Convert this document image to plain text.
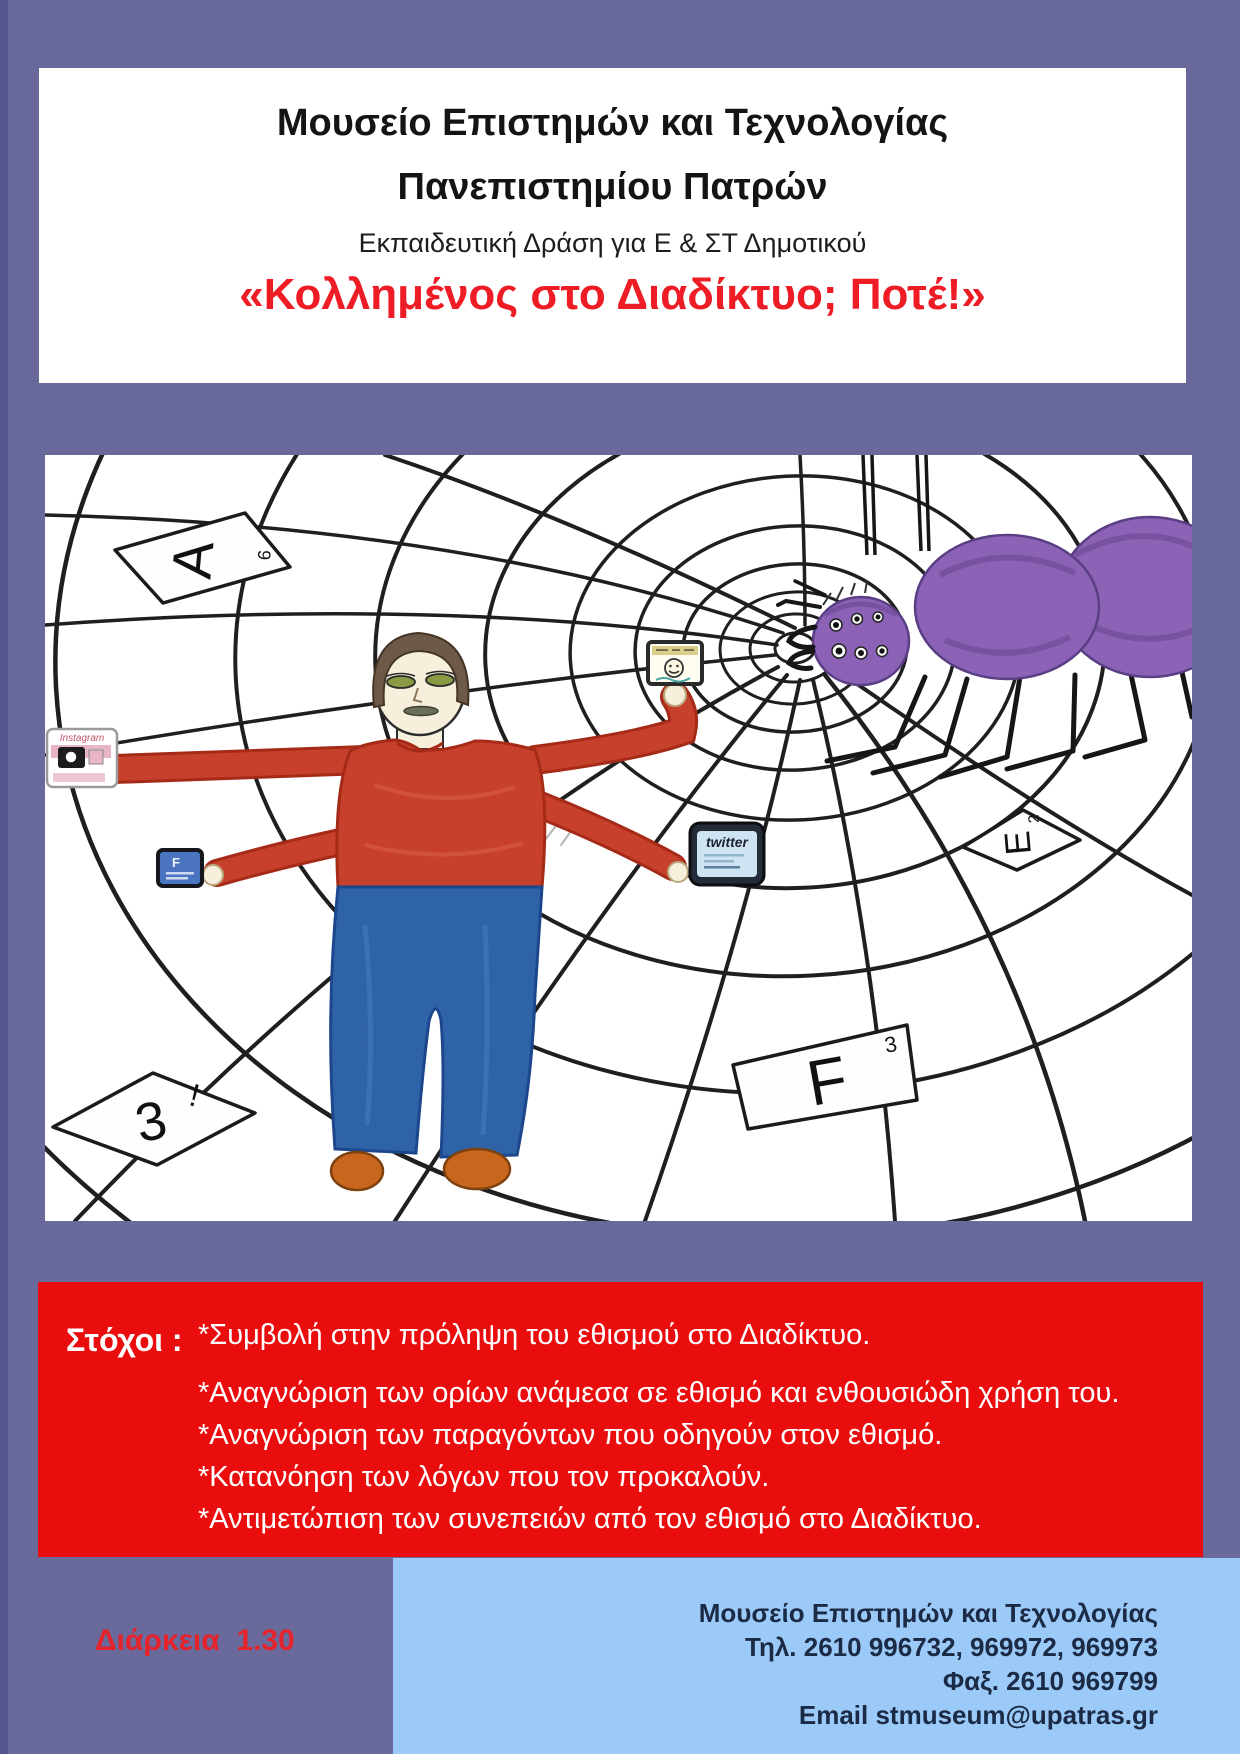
Μουσείο Επιστημών και Τεχνολογίας
Πανεπιστημίου Πατρών
Εκπαιδευτική Δράση για Ε & ΣΤ Δημοτικού
«Κολλημένος στο Διαδίκτυο; Ποτέ!»
A 6
E
2
F 3
3 !
Instagram
F
twitter
Στόχοι : *Συμβολή στην πρόληψη του εθισμού στο Διαδίκτυο.
*Αναγνώριση των ορίων ανάμεσα σε εθισμό και ενθουσιώδη χρήση του.
*Αναγνώριση των παραγόντων που οδηγούν στον εθισμό.
*Κατανόηση των λόγων που τον προκαλούν.
*Αντιμετώπιση των συνεπειών από τον εθισμό στο Διαδίκτυο.
Διάρκεια  1.30
Μουσείο Επιστημών και Τεχνολογίας
Τηλ. 2610 996732, 969972, 969973
Φαξ. 2610 969799
Email stmuseum@upatras.gr
